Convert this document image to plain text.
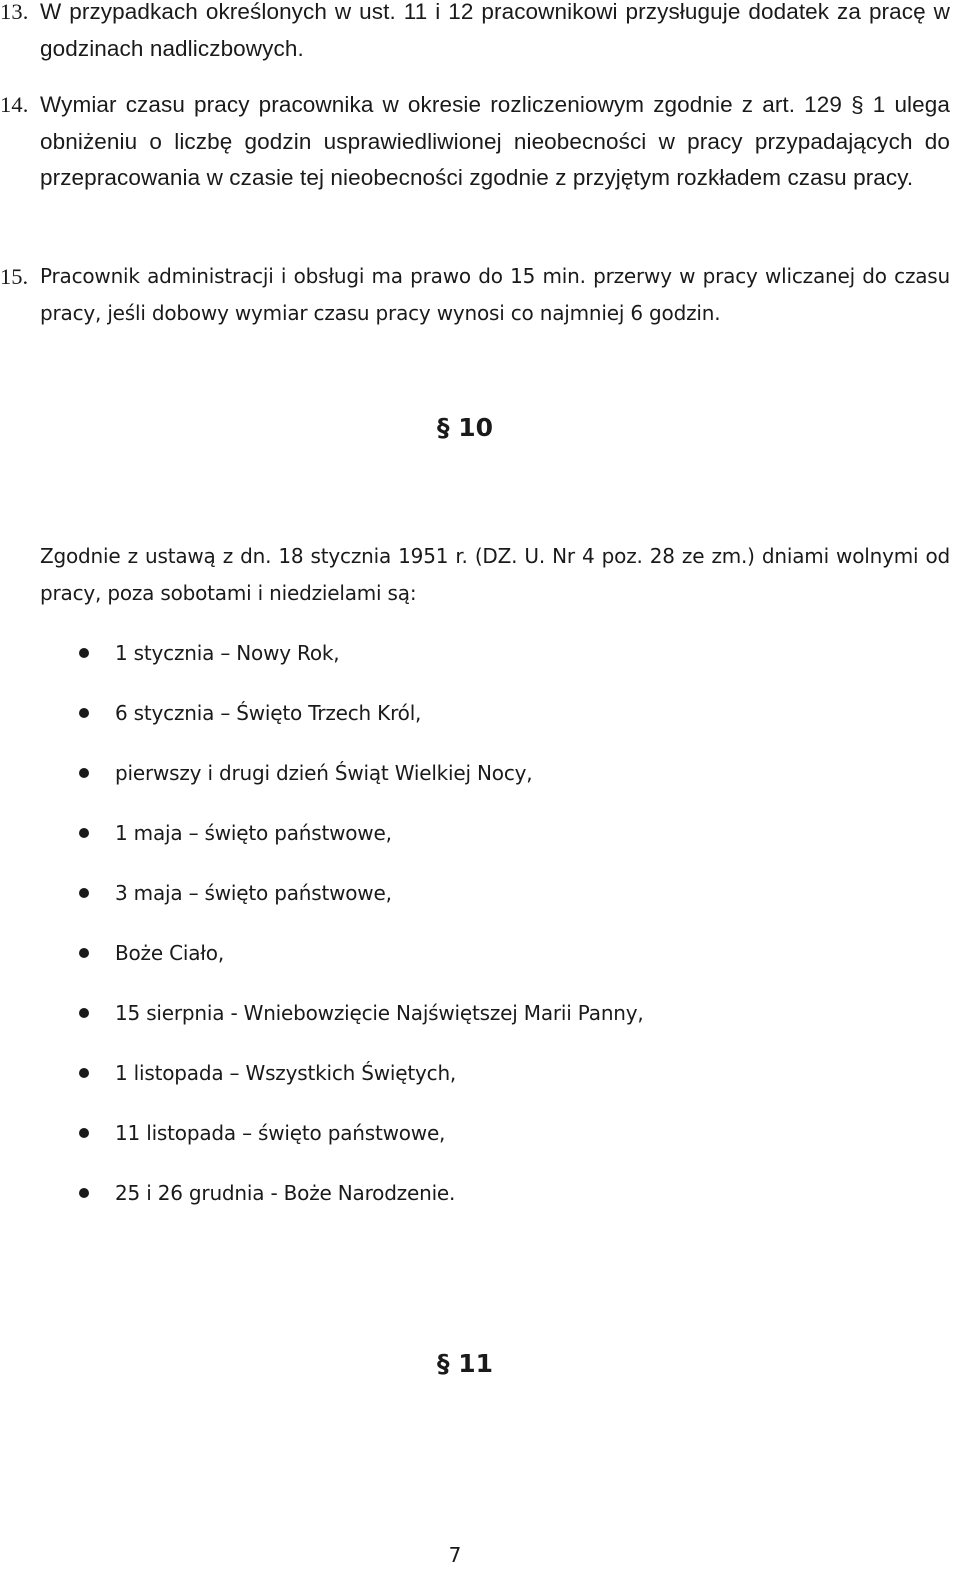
13. W przypadkach określonych w ust. 11 i 12 pracownikowi przysługuje dodatek za pracę w godzinach nadliczbowych.
14. Wymiar czasu pracy pracownika w okresie rozliczeniowym zgodnie z art. 129 § 1 ulega obniżeniu o liczbę godzin usprawiedliwionej nieobecności w pracy przypadających do przepracowania w czasie tej nieobecności zgodnie z przyjętym rozkładem czasu pracy.
15. Pracownik administracji i obsługi ma prawo do 15 min. przerwy w pracy wliczanej do czasu pracy, jeśli dobowy wymiar czasu pracy wynosi co najmniej 6 godzin.
§ 10
Zgodnie z ustawą z dn. 18 stycznia 1951 r. (DZ. U. Nr 4 poz. 28 ze zm.) dniami wolnymi od pracy, poza sobotami i niedzielami są:
1 stycznia – Nowy Rok,
6 stycznia – Święto Trzech Król,
pierwszy i drugi dzień Świąt Wielkiej Nocy,
1 maja – święto państwowe,
3 maja – święto państwowe,
Boże Ciało,
15 sierpnia - Wniebowzięcie Najświętszej Marii Panny,
1 listopada – Wszystkich Świętych,
11 listopada – święto państwowe,
25 i 26 grudnia - Boże Narodzenie.
§ 11
7
